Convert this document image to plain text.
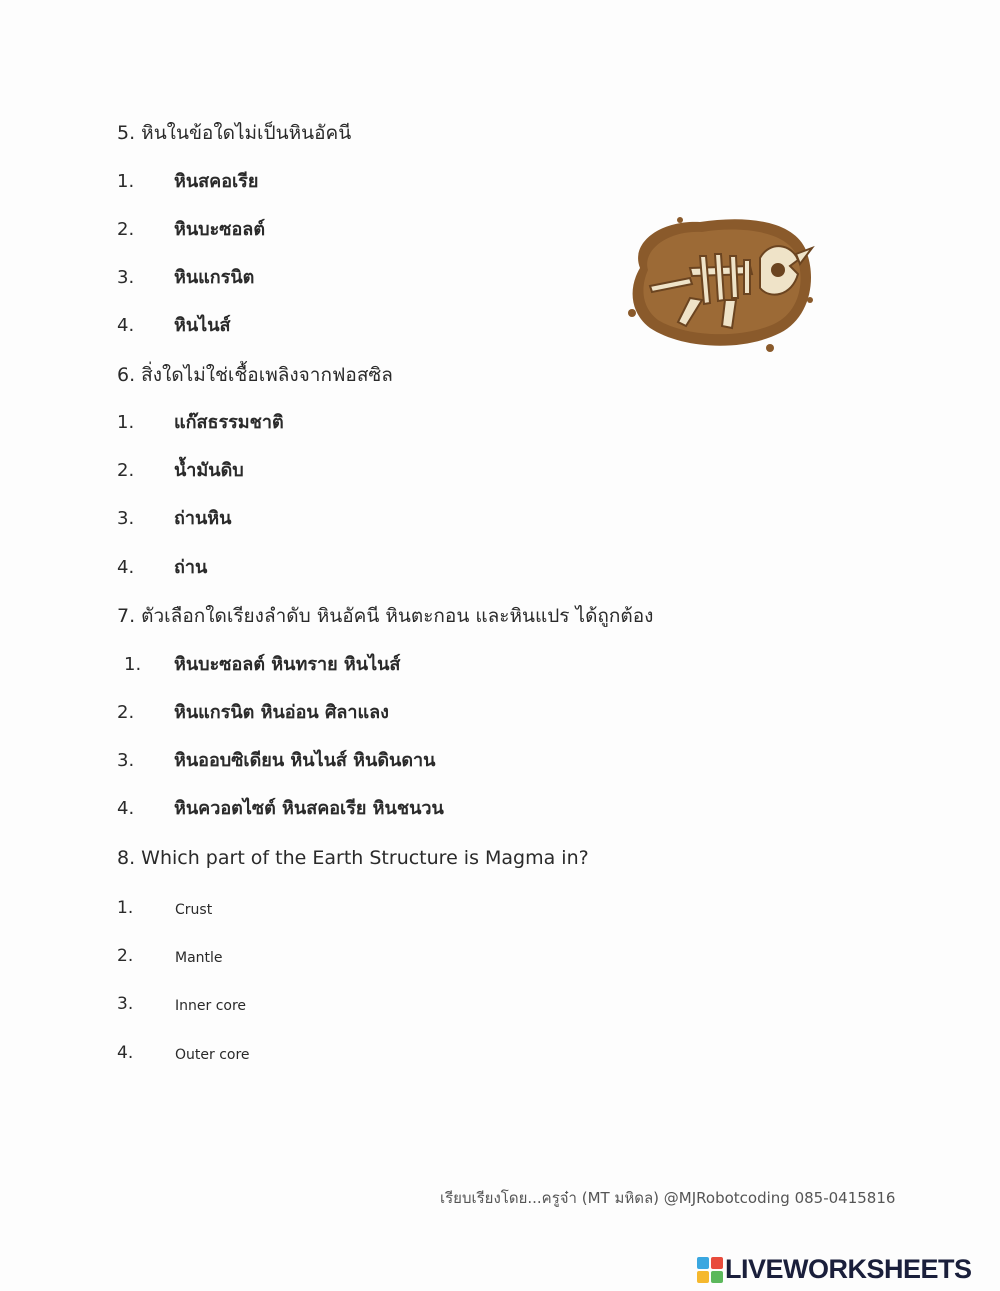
5. หินในข้อใดไม่เป็นหินอัคนี
1. หินสคอเรีย
2. หินบะซอลต์
3. หินแกรนิต
4. หินไนส์
6. สิ่งใดไม่ใช่เชื้อเพลิงจากฟอสซิล
1. แก๊สธรรมชาติ
2. น้ำมันดิบ
3. ถ่านหิน
4. ถ่าน
7. ตัวเลือกใดเรียงลำดับ หินอัคนี หินตะกอน และหินแปร ได้ถูกต้อง
1. หินบะซอลต์ หินทราย หินไนส์
2. หินแกรนิต หินอ่อน ศิลาแลง
3. หินออบซิเดียน หินไนส์ หินดินดาน
4. หินควอตไซต์ หินสคอเรีย หินชนวน
8. Which part of the Earth Structure is Magma in?
1.	Crust
2.	Mantle
3.	Inner core
4.	Outer core
เรียบเรียงโดย...ครูจ๋า (MT มหิดล) @MJRobotcoding 085-0415816
LIVEWORKSHEETS
